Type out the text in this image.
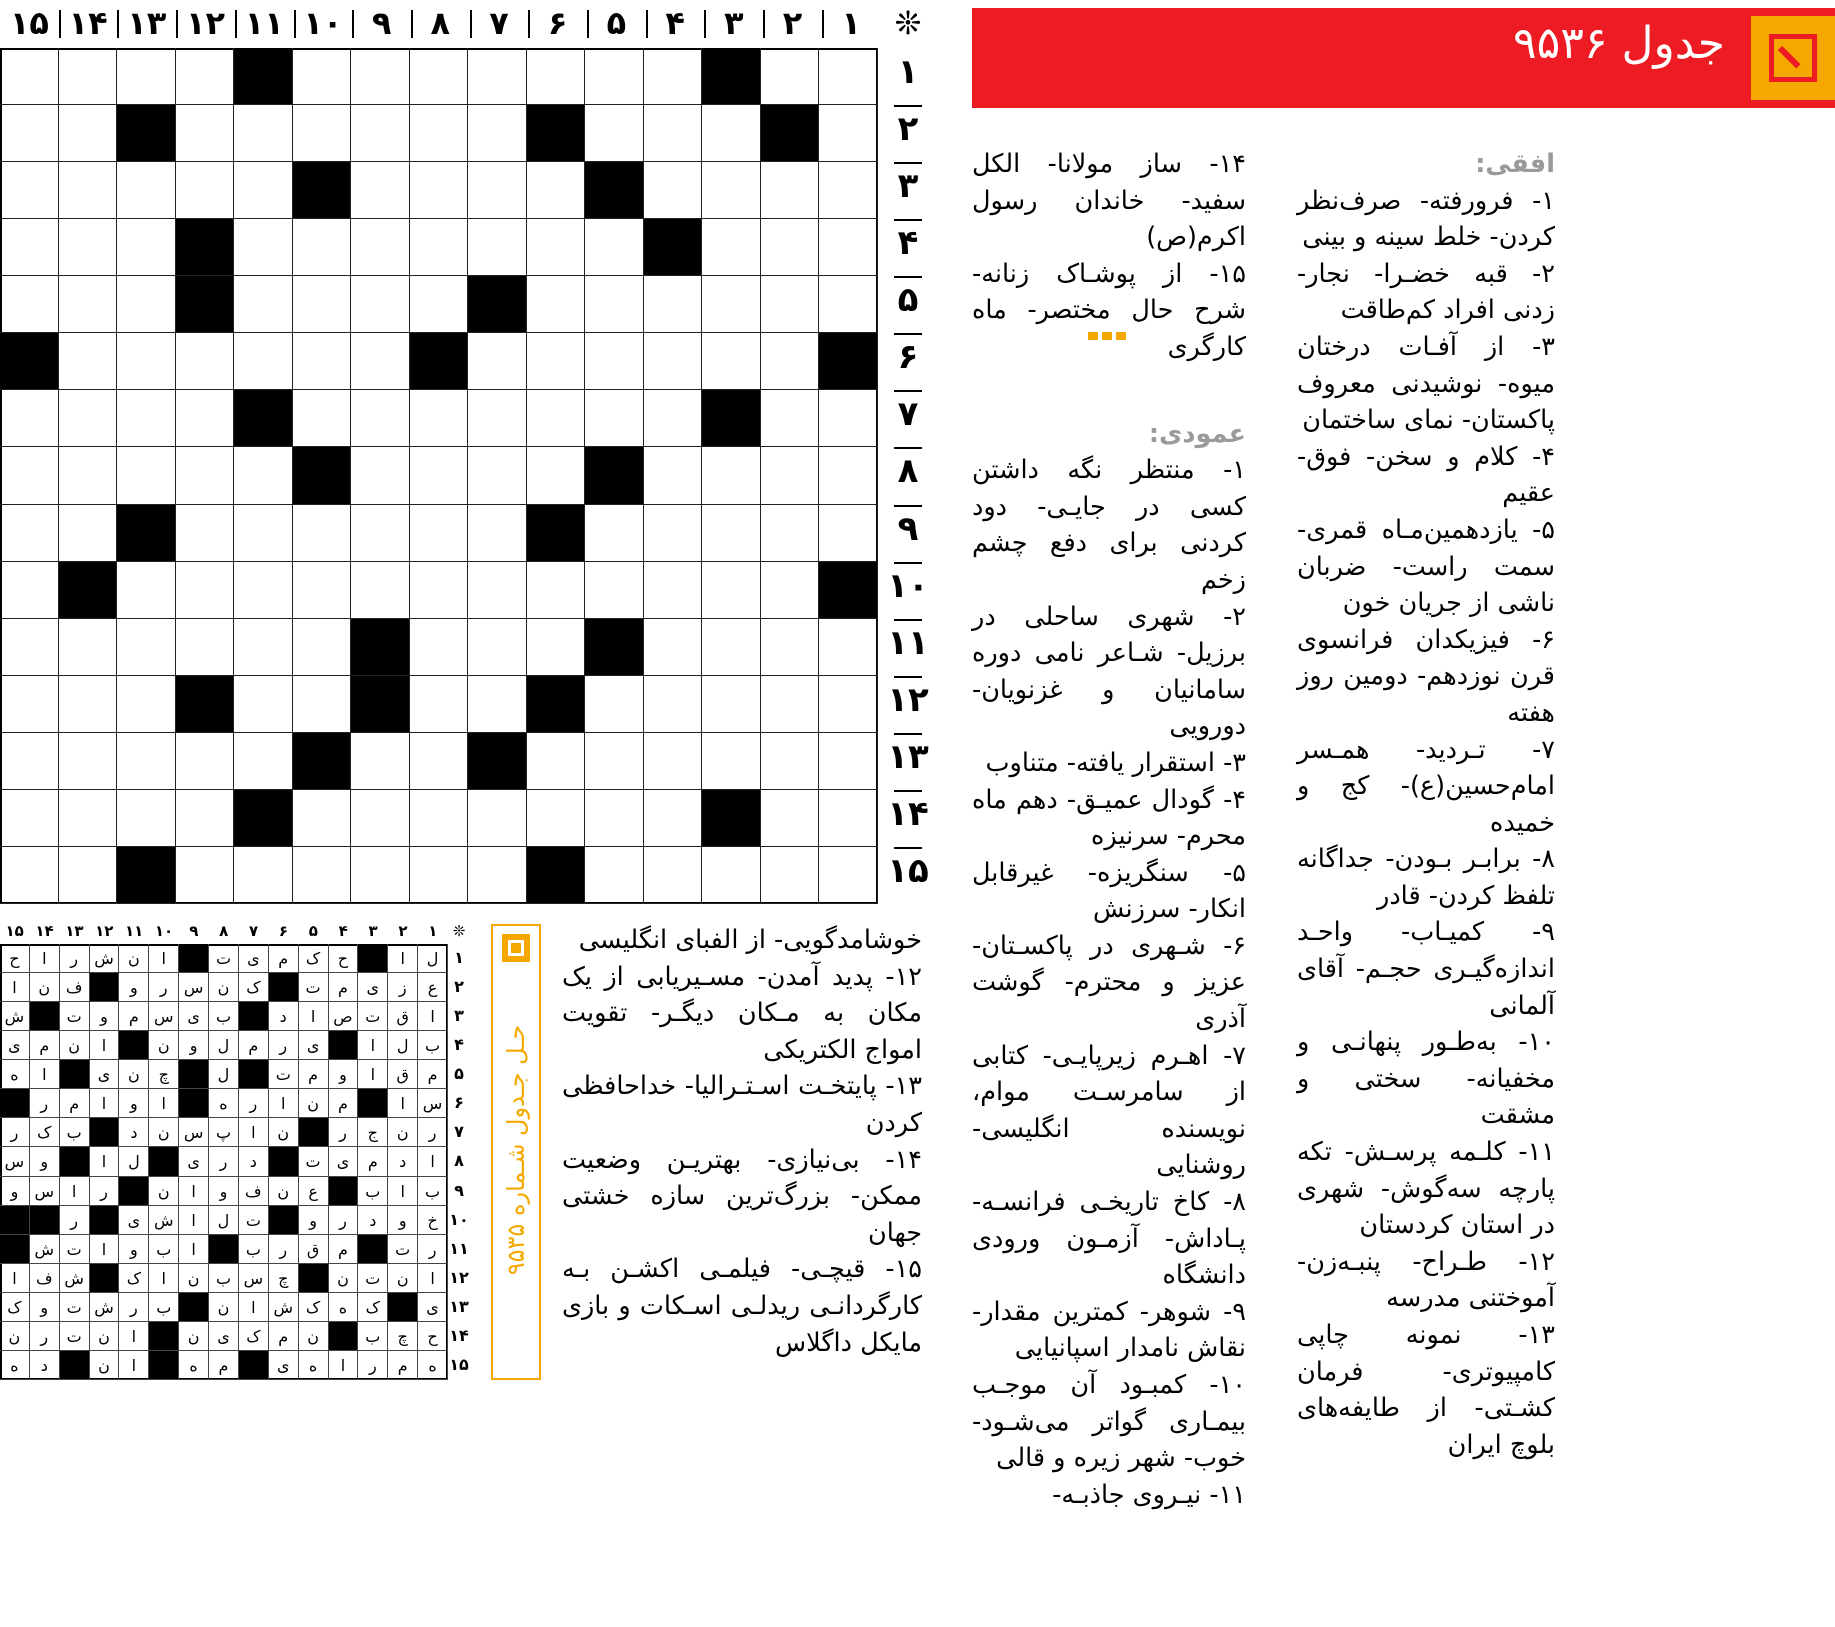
❊
۱
۲
۳
۴
۵
۶
۷
۸
۹
۱۰
۱۱
۱۲
۱۳
۱۴
۱۵
۱
۲
۳
۴
۵
۶
۷
۸
۹
۱۰
۱۱
۱۲
۱۳
۱۴
۱۵
جدول ۹۵۳۶
افقی:

۱- فرورفته- صرف‌نظر کردن- خلط سینه و بینی

۲- قبه خضـرا- نجار- زدنی افراد کم‌طاقت

۳- از آفـات درختان میوه- نوشیدنی معروف پاکستان- نمای ساختمان

۴- کلام و سخن- فوق- عقیم

۵- یازدهمین‌مـاه قمری- سمت راست- ضربان ناشی از جریان خون

۶- فیزیکدان فرانسوی قرن نوزدهم- دومین روز هفته

۷- تـردید- همـسر امام‌حسین(ع)- کج و خمیده

۸- برابـر بـودن- جداگانه تلفظ کردن- قادر

۹- کمیـاب- واحـد اندازه‌گیـری حجـم- آقای آلمانی

۱۰- به‌طـور پنهانـی و مخفیانه- سختی و مشقت

۱۱- کلـمه پرسـش- تکه پارچه سه‌گوش- شهری در استان کردستان

۱۲- طـراح- پنبـه‌زن- آموختنی مدرسه

۱۳- نمونه چاپی کامپیوتری- فرمان کشـتی- از طایفه‌های بلوچ ایران

۱۴- ساز مولانا- الکل سفید- خاندان رسول اکرم(ص)

۱۵- از پوشـاک زنانه- شرح حال مختصر- ماه کارگری

عمودی:

۱- منتظر نگه داشتن کسی در جایـی- دود کردنی برای دفع چشم زخم

۲- شهری ساحلی در برزیل- شـاعر نامی دوره سامانیان و غزنویان- دورویی

۳- استقرار یافته- متناوب

۴- گودال عمیـق- دهم ماه محرم- سرنیزه

۵- سنگریزه- غیرقابل انکار- سرزنش

۶- شـهری در پاکسـتان- عزیز و محترم- گوشت آذری

۷- اهـرم زیرپایـی- کتابی از سامرسـت موام، نویسنده انگلیسی- روشنایی

۸- کاخ تاریخـی فرانسـه- پـاداش- آزمـون ورودی دانشگاه

۹- شوهر- کمترین مقدار- نقاش نامدار اسپانیایی

۱۰- کمبـود آن موجـب بیمـاری گواتر می‌شـود- خوب- شهر زیره و قالی

۱۱- نیـروی جاذبـه-

خوشامدگویی- از الفبای انگلیسی

۱۲- پدید آمدن- مسـیریابی از یک مکان به مـکان دیگـر- تقویت امواج الکتریکی

۱۳- پایتخـت اسـتـرالیا- خداحافظی کردن

۱۴- بی‌نیازی- بهتریـن وضعیت ممکن- بزرگ‌ترین سازه خشتی جهان

۱۵- قیچـی- فیلمـی اکشـن بـه کارگردانـی ریدلـی اسـکات و بازی مایکل داگلاس

حـل جـدول شـماره ۹۵۳۵
❊
۱
۲
۳
۴
۵
۶
۷
۸
۹
۱۰
۱۱
۱۲
۱۳
۱۴
۱۵
ل
ا
ح
ک
م
ی
ت
ا
ن
ش
ر
ا
ح
ع
ز
ی
م
ت
ک
ن
س
ر
و
ف
ن
ا
ا
ق
ت
ص
ا
د
ب
ی
س
م
و
ت
ش
ب
ل
ا
ی
ر
م
ل
و
ن
ا
ن
م
ی
م
ق
ا
و
م
ت
ل
چ
ن
ی
ا
ه
س
ا
م
ن
ا
ر
ه
ا
و
ا
م
ر
ر
ن
ج
ر
ن
ا
پ
س
ن
د
ب
ک
ر
ا
د
م
ی
ت
د
ر
ی
ل
ا
و
س
ب
ا
ب
ع
ن
ف
و
ا
ن
ر
ا
س
و
خ
و
د
ر
و
ت
ل
ا
ش
ی
ر
ر
ت
م
ق
ر
ب
ا
ب
و
ا
ت
ش
ا
ن
ت
ن
چ
س
ب
ن
ا
ک
ش
ف
ا
ی
ک
ه
ک
ش
ا
ن
ب
ر
ش
ت
و
ک
ح
چ
ب
ن
م
ک
ی
ن
ا
ن
ت
ر
ن
ه
م
ر
ا
ه
ی
م
ه
ا
ن
د
ه
۱
۲
۳
۴
۵
۶
۷
۸
۹
۱۰
۱۱
۱۲
۱۳
۱۴
۱۵
